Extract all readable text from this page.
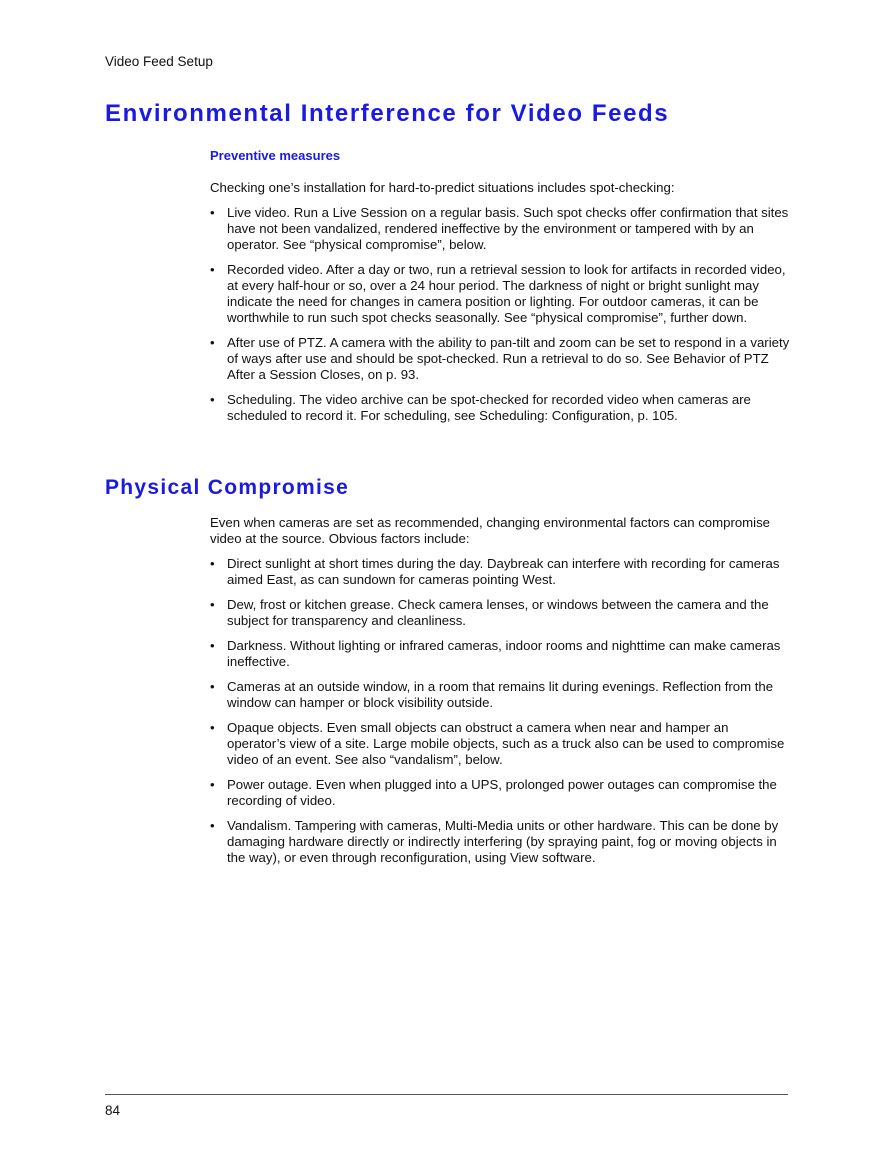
Video Feed Setup
Environmental Interference for Video Feeds
Preventive measures

Checking one’s installation for hard-to-predict situations includes spot-checking:

• Live video. Run a Live Session on a regular basis. Such spot checks offer confirmation that sites have not been vandalized, rendered ineffective by the environment or tampered with by an operator. See “physical compromise”, below.
• Recorded video. After a day or two, run a retrieval session to look for artifacts in recorded video, at every half-hour or so, over a 24 hour period. The darkness of night or bright sunlight may indicate the need for changes in camera position or lighting. For outdoor cameras, it can be worthwhile to run such spot checks seasonally. See “physical compromise”, further down.
• After use of PTZ. A camera with the ability to pan-tilt and zoom can be set to respond in a variety of ways after use and should be spot-checked. Run a retrieval to do so. See Behavior of PTZ After a Session Closes, on p. 93.
• Scheduling. The video archive can be spot-checked for recorded video when cameras are scheduled to record it. For scheduling, see Scheduling: Configuration, p. 105.
Physical Compromise

Even when cameras are set as recommended, changing environmental factors can compromise video at the source. Obvious factors include:

• Direct sunlight at short times during the day. Daybreak can interfere with recording for cameras aimed East, as can sundown for cameras pointing West.
• Dew, frost or kitchen grease. Check camera lenses, or windows between the camera and the subject for transparency and cleanliness.
• Darkness. Without lighting or infrared cameras, indoor rooms and nighttime can make cameras ineffective.
• Cameras at an outside window, in a room that remains lit during evenings. Reflection from the window can hamper or block visibility outside.
• Opaque objects. Even small objects can obstruct a camera when near and hamper an operator’s view of a site. Large mobile objects, such as a truck also can be used to compromise video of an event. See also “vandalism”, below.
• Power outage. Even when plugged into a UPS, prolonged power outages can compromise the recording of video.
• Vandalism. Tampering with cameras, Multi-Media units or other hardware. This can be done by damaging hardware directly or indirectly interfering (by spraying paint, fog or moving objects in the way), or even through reconfiguration, using View software.
84
